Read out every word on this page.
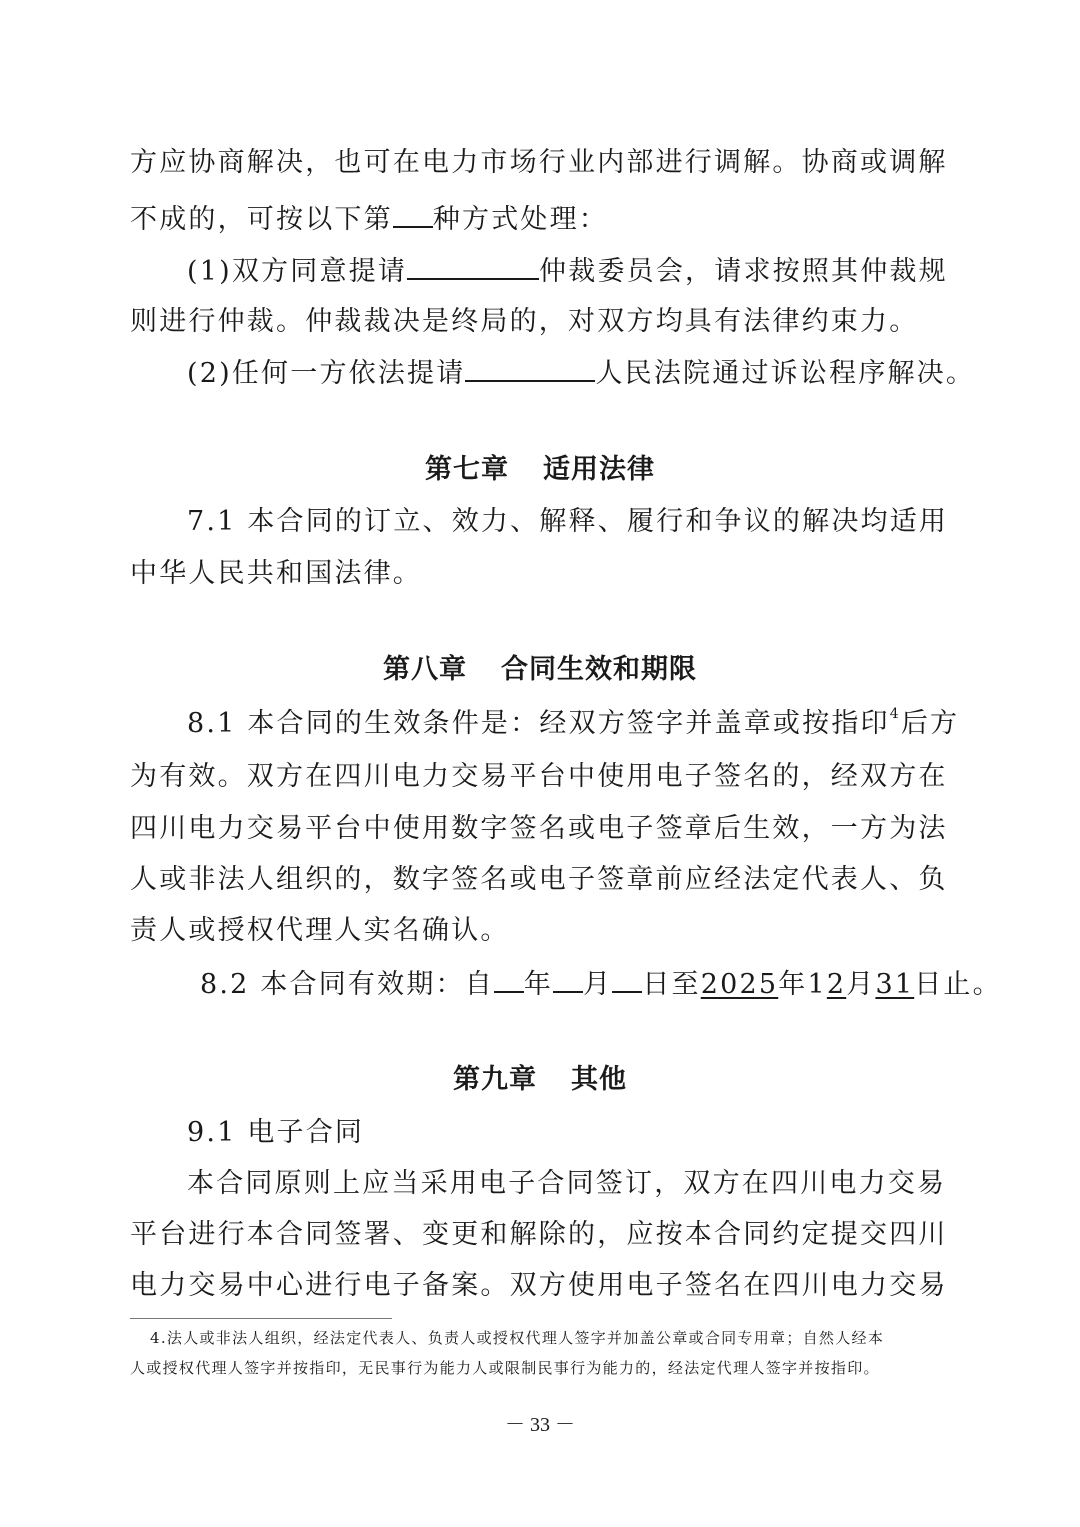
方应协商解决，也可在电力市场行业内部进行调解。协商或调解
不成的，可按以下第 种方式处理：
(1)双方同意提请	仲裁委员会，请求按照其仲裁规
则进行仲裁。仲裁裁决是终局的，对双方均具有法律约束力。
(2)任何一方依法提请	人民法院通过诉讼程序解决。
第七章 适用法律
7.1 本合同的订立、效力、解释、履行和争议的解决均适用
中华人民共和国法律。
第八章 合同生效和期限
8.1 本合同的生效条件是：经双方签字并盖章或按指印$^4$后方
为有效。双方在四川电力交易平台中使用电子签名的，经双方在
四川电力交易平台中使用数字签名或电子签章后生效，一方为法
人或非法人组织的，数字签名或电子签章前应经法定代表人、负
责人或授权代理人实名确认。
8.2 本合同有效期：自 年 月 日至2025年12月31日止。
第九章 其他
9.1 电子合同
本合同原则上应当采用电子合同签订，双方在四川电力交易
平台进行本合同签署、变更和解除的，应按本合同约定提交四川
电力交易中心进行电子备案。双方使用电子签名在四川电力交易
4.法人或非法人组织，经法定代表人、负责人或授权代理人签字并加盖公章或合同专用章；自然人经本
人或授权代理人签字并按指印，无民事行为能力人或限制民事行为能力的，经法定代理人签字并按指印。
－ 33 －
